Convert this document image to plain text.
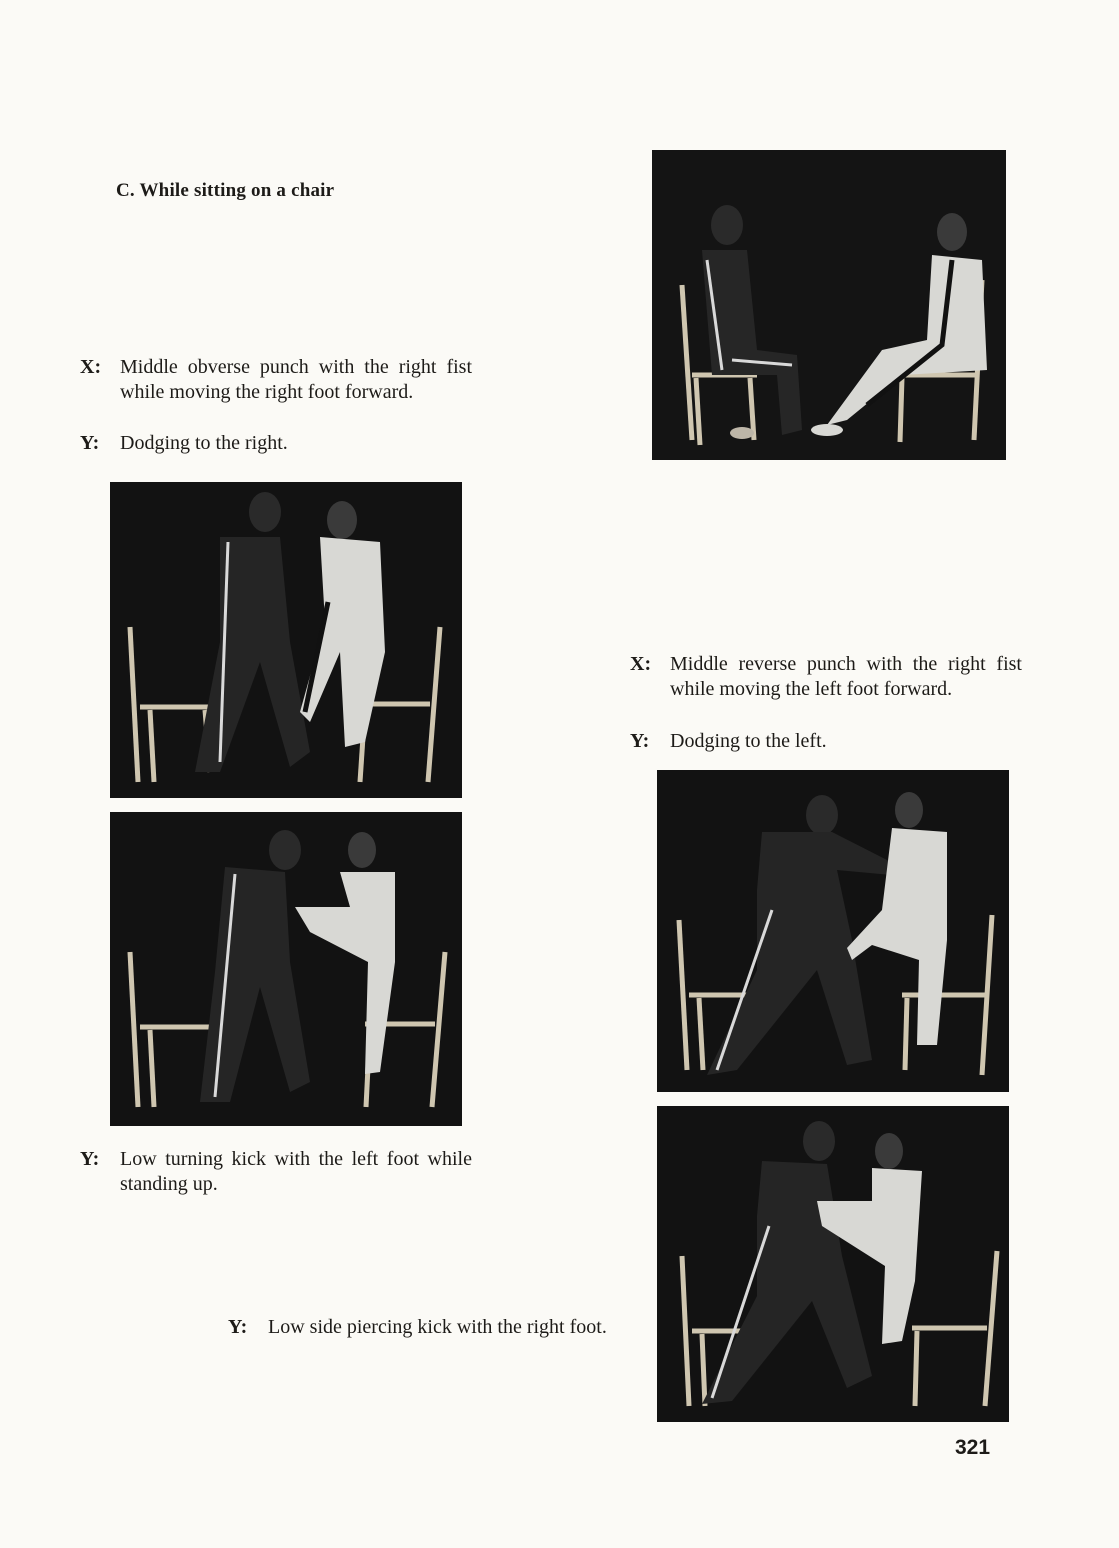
C. While sitting on a chair
X: Middle obverse punch with the right fist while moving the right foot forward.
Y:	Dodging to the right.
Y:	Low turning kick with the left foot while standing up.
Y:	Low side piercing kick with the right foot.
X: Middle reverse punch with the right fist while moving the left foot forward.
Y:	Dodging to the left.
321
